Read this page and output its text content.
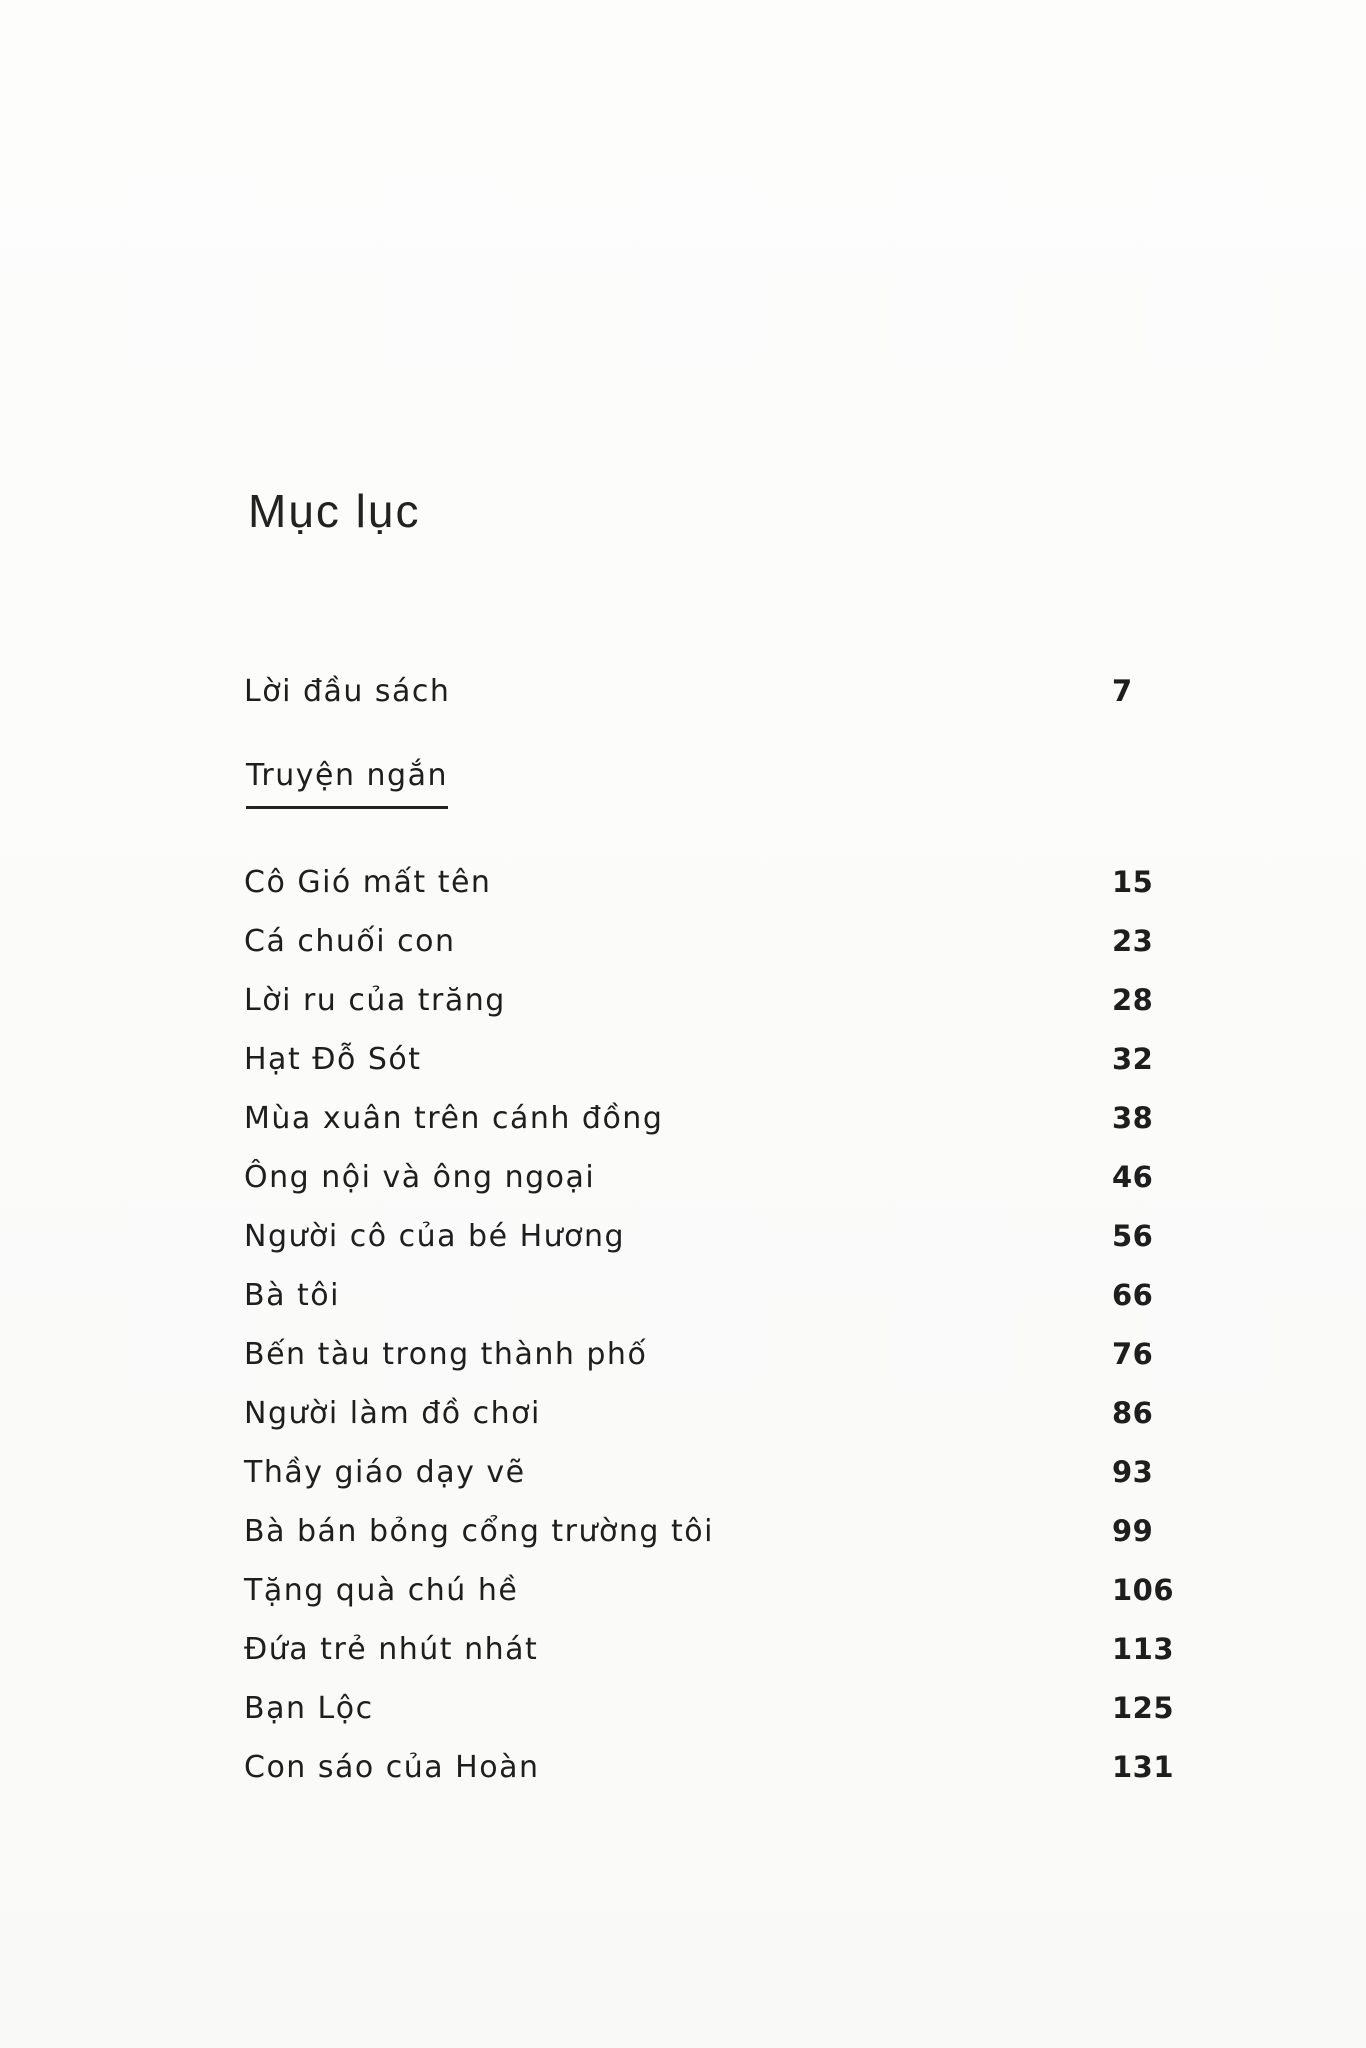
Mục lục
Lời đầu sách	7
Truyện ngắn
Cô Gió mất tên	15
Cá chuối con	23
Lời ru của trăng	28
Hạt Đỗ Sót	32
Mùa xuân trên cánh đồng	38
Ông nội và ông ngoại	46
Người cô của bé Hương	56
Bà tôi	66
Bến tàu trong thành phố	76
Người làm đồ chơi	86
Thầy giáo dạy vẽ	93
Bà bán bỏng cổng trường tôi	99
Tặng quà chú hề	106
Đứa trẻ nhút nhát	113
Bạn Lộc	125
Con sáo của Hoàn	131
